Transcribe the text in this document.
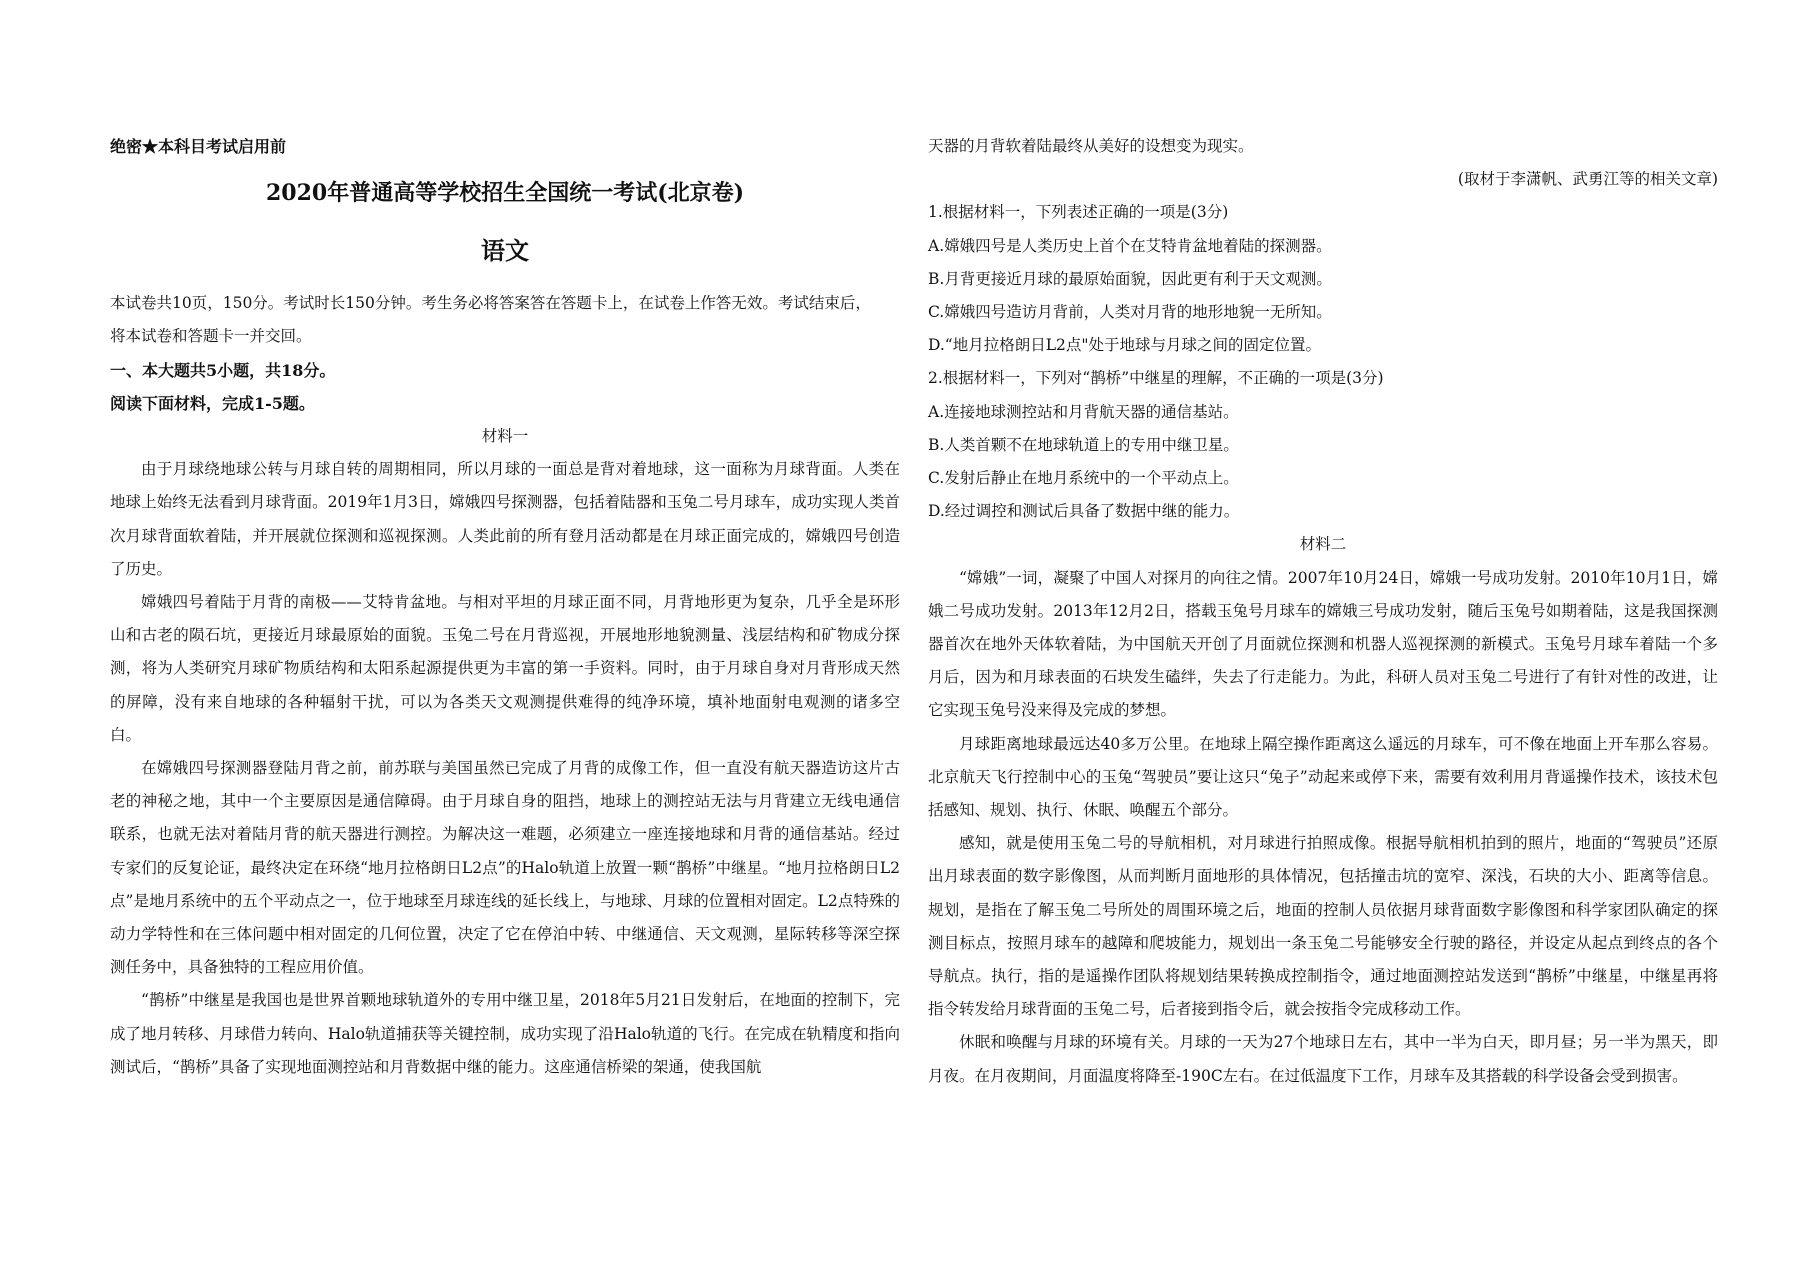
绝密★本科目考试启用前

2020年普通高等学校招生全国统一考试(北京卷)
语文

本试卷共10页，150分。考试时长150分钟。考生务必将答案答在答题卡上，在试卷上作答无效。考试结束后，

将本试卷和答题卡一并交回。

一、本大题共5小题，共18分。

阅读下面材料，完成1-5题。

材料一

由于月球绕地球公转与月球自转的周期相同，所以月球的一面总是背对着地球，这一面称为月球背面。人类在地球上始终无法看到月球背面。2019年1月3日，嫦娥四号探测器，包括着陆器和玉兔二号月球车，成功实现人类首次月球背面软着陆，并开展就位探测和巡视探测。人类此前的所有登月活动都是在月球正面完成的，嫦娥四号创造了历史。

嫦娥四号着陆于月背的南极——艾特肯盆地。与相对平坦的月球正面不同，月背地形更为复杂，几乎全是环形山和古老的陨石坑，更接近月球最原始的面貌。玉兔二号在月背巡视，开展地形地貌测量、浅层结构和矿物成分探测，将为人类研究月球矿物质结构和太阳系起源提供更为丰富的第一手资料。同时，由于月球自身对月背形成天然的屏障，没有来自地球的各种辐射干扰，可以为各类天文观测提供难得的纯净环境，填补地面射电观测的诸多空白。

在嫦娥四号探测器登陆月背之前，前苏联与美国虽然已完成了月背的成像工作，但一直没有航天器造访这片古老的神秘之地，其中一个主要原因是通信障碍。由于月球自身的阻挡，地球上的测控站无法与月背建立无线电通信联系，也就无法对着陆月背的航天器进行测控。为解决这一难题，必须建立一座连接地球和月背的通信基站。经过专家们的反复论证，最终决定在环绕“地月拉格朗日L2点”的Halo轨道上放置一颗“鹊桥”中继星。“地月拉格朗日L2点”是地月系统中的五个平动点之一，位于地球至月球连线的延长线上，与地球、月球的位置相对固定。L2点特殊的动力学特性和在三体问题中相对固定的几何位置，决定了它在停泊中转、中继通信、天文观测，星际转移等深空探测任务中，具备独特的工程应用价值。

“鹊桥”中继星是我国也是世界首颗地球轨道外的专用中继卫星，2018年5月21日发射后，在地面的控制下，完成了地月转移、月球借力转向、Halo轨道捕获等关键控制，成功实现了沿Halo轨道的飞行。在完成在轨精度和指向测试后，“鹊桥”具备了实现地面测控站和月背数据中继的能力。这座通信桥梁的架通，使我国航

天器的月背软着陆最终从美好的设想变为现实。

(取材于李潇帆、武勇江等的相关文章)

1.根据材料一，下列表述正确的一项是(3分)

A.嫦娥四号是人类历史上首个在艾特肯盆地着陆的探测器。

B.月背更接近月球的最原始面貌，因此更有利于天文观测。

C.嫦娥四号造访月背前，人类对月背的地形地貌一无所知。

D.“地月拉格朗日L2点"处于地球与月球之间的固定位置。

2.根据材料一，下列对“鹊桥”中继星的理解，不正确的一项是(3分)

A.连接地球测控站和月背航天器的通信基站。

B.人类首颗不在地球轨道上的专用中继卫星。

C.发射后静止在地月系统中的一个平动点上。

D.经过调控和测试后具备了数据中继的能力。

材料二

“嫦娥”一词，凝聚了中国人对探月的向往之情。2007年10月24日，嫦娥一号成功发射。2010年10月1日，嫦娥二号成功发射。2013年12月2日，搭载玉兔号月球车的嫦娥三号成功发射，随后玉兔号如期着陆，这是我国探测器首次在地外天体软着陆，为中国航天开创了月面就位探测和机器人巡视探测的新模式。玉兔号月球车着陆一个多月后，因为和月球表面的石块发生磕绊，失去了行走能力。为此，科研人员对玉兔二号进行了有针对性的改进，让它实现玉兔号没来得及完成的梦想。

月球距离地球最远达40多万公里。在地球上隔空操作距离这么遥远的月球车，可不像在地面上开车那么容易。北京航天飞行控制中心的玉兔“驾驶员”要让这只“兔子”动起来或停下来，需要有效利用月背遥操作技术，该技术包括感知、规划、执行、休眠、唤醒五个部分。

感知，就是使用玉兔二号的导航相机，对月球进行拍照成像。根据导航相机拍到的照片，地面的“驾驶员”还原出月球表面的数字影像图，从而判断月面地形的具体情况，包括撞击坑的宽窄、深浅，石块的大小、距离等信息。规划，是指在了解玉兔二号所处的周围环境之后，地面的控制人员依据月球背面数字影像图和科学家团队确定的探测目标点，按照月球车的越障和爬坡能力，规划出一条玉兔二号能够安全行驶的路径，并设定从起点到终点的各个导航点。执行，指的是遥操作团队将规划结果转换成控制指令，通过地面测控站发送到“鹊桥”中继星，中继星再将指令转发给月球背面的玉兔二号，后者接到指令后，就会按指令完成移动工作。

休眠和唤醒与月球的环境有关。月球的一天为27个地球日左右，其中一半为白天，即月昼；另一半为黑天，即月夜。在月夜期间，月面温度将降至-190C左右。在过低温度下工作，月球车及其搭载的科学设备会受到损害。
